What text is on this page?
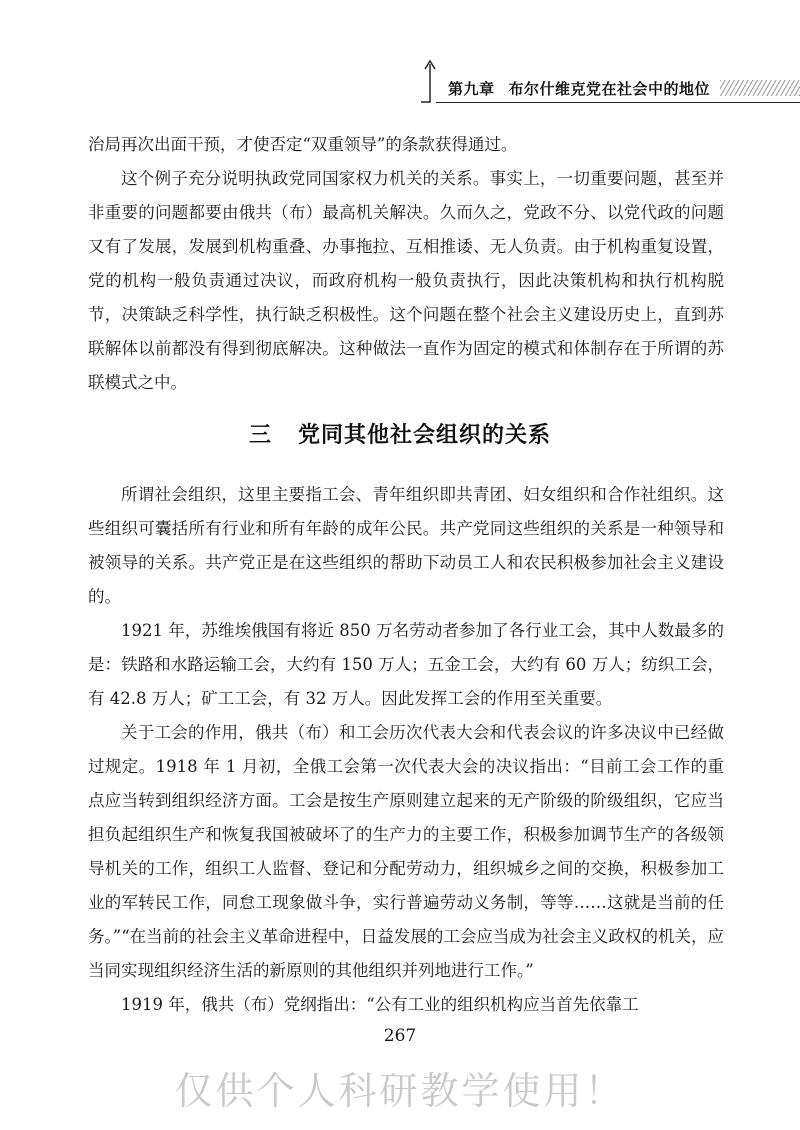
第九章 布尔什维克党在社会中的地位

治局再次出面干预，才使否定“双重领导”的条款获得通过。

这个例子充分说明执政党同国家权力机关的关系。事实上，一切重要问题，甚至并非重要的问题都要由俄共（布）最高机关解决。久而久之，党政不分、以党代政的问题又有了发展，发展到机构重叠、办事拖拉、互相推诿、无人负责。由于机构重复设置，党的机构一般负责通过决议，而政府机构一般负责执行，因此决策机构和执行机构脱节，决策缺乏科学性，执行缺乏积极性。这个问题在整个社会主义建设历史上，直到苏联解体以前都没有得到彻底解决。这种做法一直作为固定的模式和体制存在于所谓的苏联模式之中。

三 党同其他社会组织的关系

所谓社会组织，这里主要指工会、青年组织即共青团、妇女组织和合作社组织。这些组织可囊括所有行业和所有年龄的成年公民。共产党同这些组织的关系是一种领导和被领导的关系。共产党正是在这些组织的帮助下动员工人和农民积极参加社会主义建设的。

1921 年，苏维埃俄国有将近 850 万名劳动者参加了各行业工会，其中人数最多的是：铁路和水路运输工会，大约有 150 万人；五金工会，大约有 60 万人；纺织工会，有 42.8 万人；矿工工会，有 32 万人。因此发挥工会的作用至关重要。

关于工会的作用，俄共（布）和工会历次代表大会和代表会议的许多决议中已经做过规定。1918 年 1 月初，全俄工会第一次代表大会的决议指出：“目前工会工作的重点应当转到组织经济方面。工会是按生产原则建立起来的无产阶级的阶级组织，它应当担负起组织生产和恢复我国被破坏了的生产力的主要工作，积极参加调节生产的各级领导机关的工作，组织工人监督、登记和分配劳动力，组织城乡之间的交换，积极参加工业的军转民工作，同怠工现象做斗争，实行普遍劳动义务制，等等……这就是当前的任务。”“在当前的社会主义革命进程中，日益发展的工会应当成为社会主义政权的机关，应当同实现组织经济生活的新原则的其他组织并列地进行工作。”

1919 年，俄共（布）党纲指出：“公有工业的组织机构应当首先依靠工

267
仅供个人科研教学使用！
